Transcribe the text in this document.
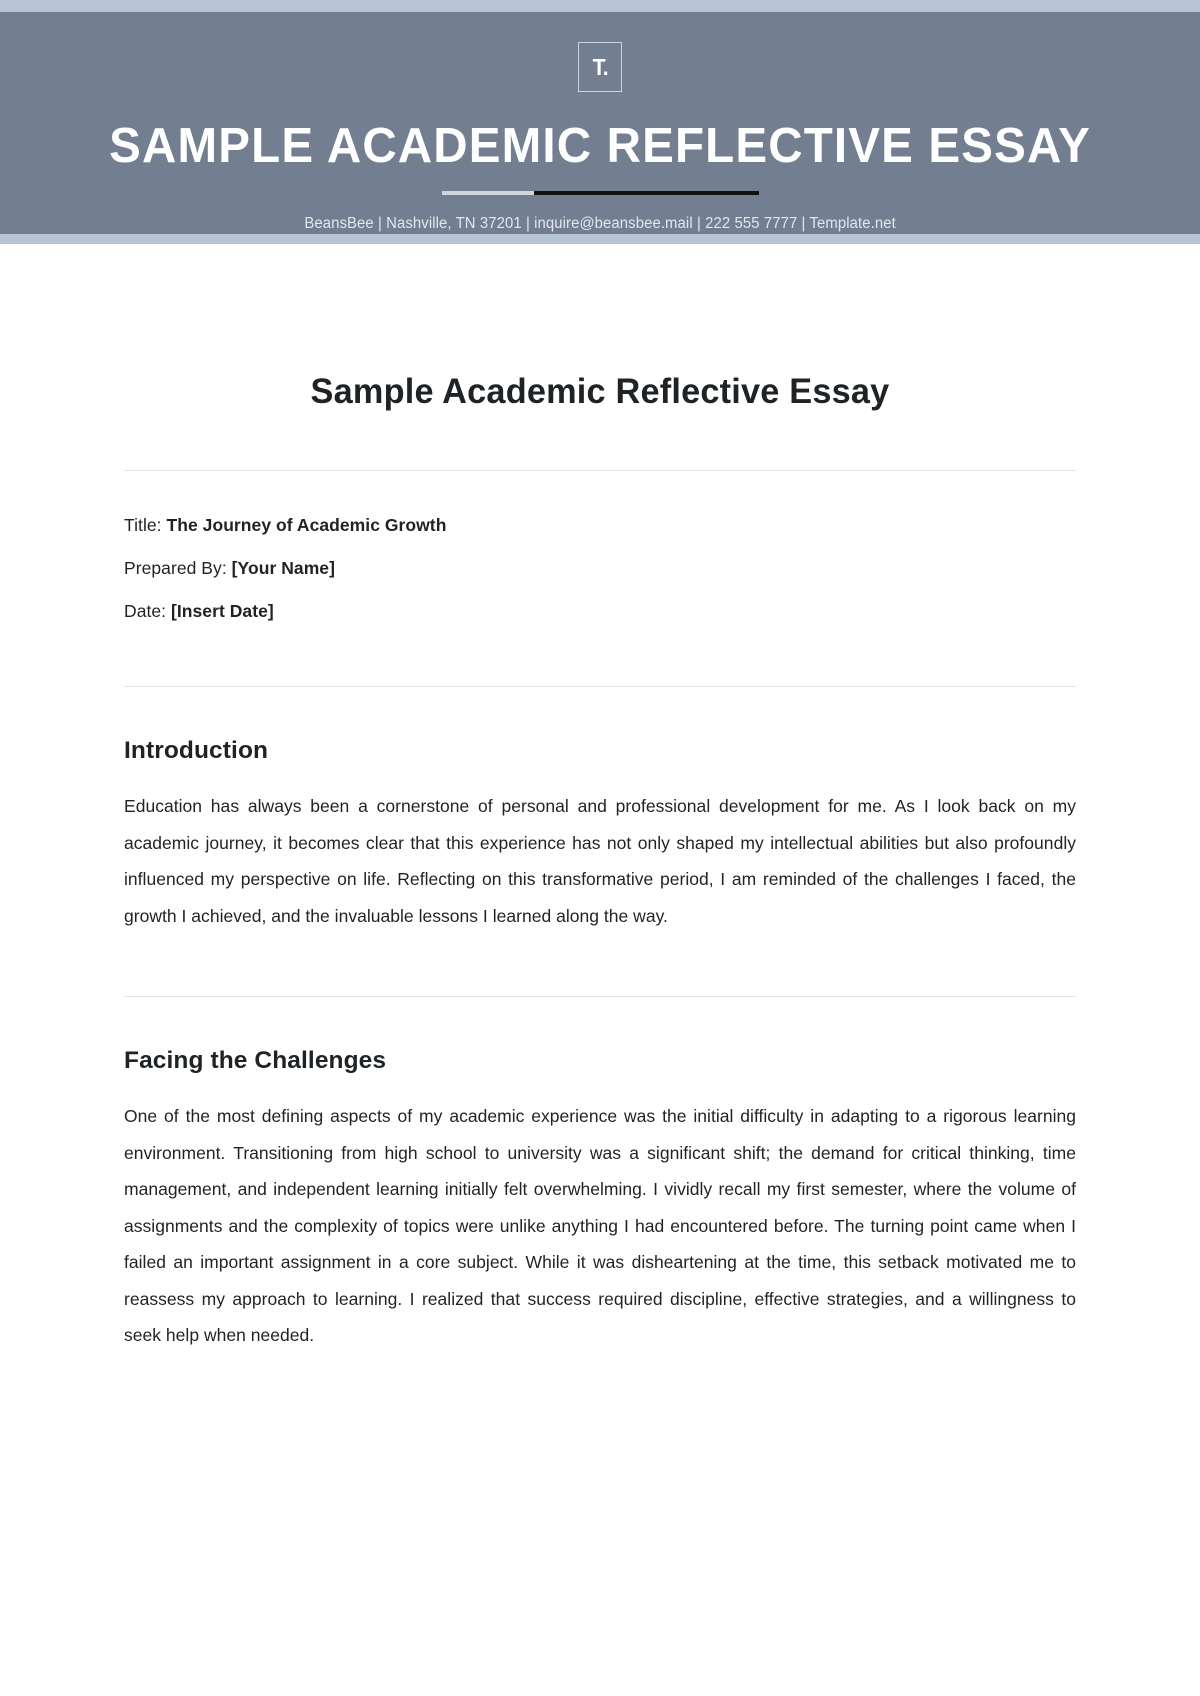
T.
SAMPLE ACADEMIC REFLECTIVE ESSAY
BeansBee | Nashville, TN 37201 | inquire@beansbee.mail | 222 555 7777 | Template.net
Sample Academic Reflective Essay
Title: The Journey of Academic Growth
Prepared By: [Your Name]
Date: [Insert Date]
Introduction
Education has always been a cornerstone of personal and professional development for me. As I look back on my academic journey, it becomes clear that this experience has not only shaped my intellectual abilities but also profoundly influenced my perspective on life. Reflecting on this transformative period, I am reminded of the challenges I faced, the growth I achieved, and the invaluable lessons I learned along the way.
Facing the Challenges
One of the most defining aspects of my academic experience was the initial difficulty in adapting to a rigorous learning environment. Transitioning from high school to university was a significant shift; the demand for critical thinking, time management, and independent learning initially felt overwhelming. I vividly recall my first semester, where the volume of assignments and the complexity of topics were unlike anything I had encountered before. The turning point came when I failed an important assignment in a core subject. While it was disheartening at the time, this setback motivated me to reassess my approach to learning. I realized that success required discipline, effective strategies, and a willingness to seek help when needed.
